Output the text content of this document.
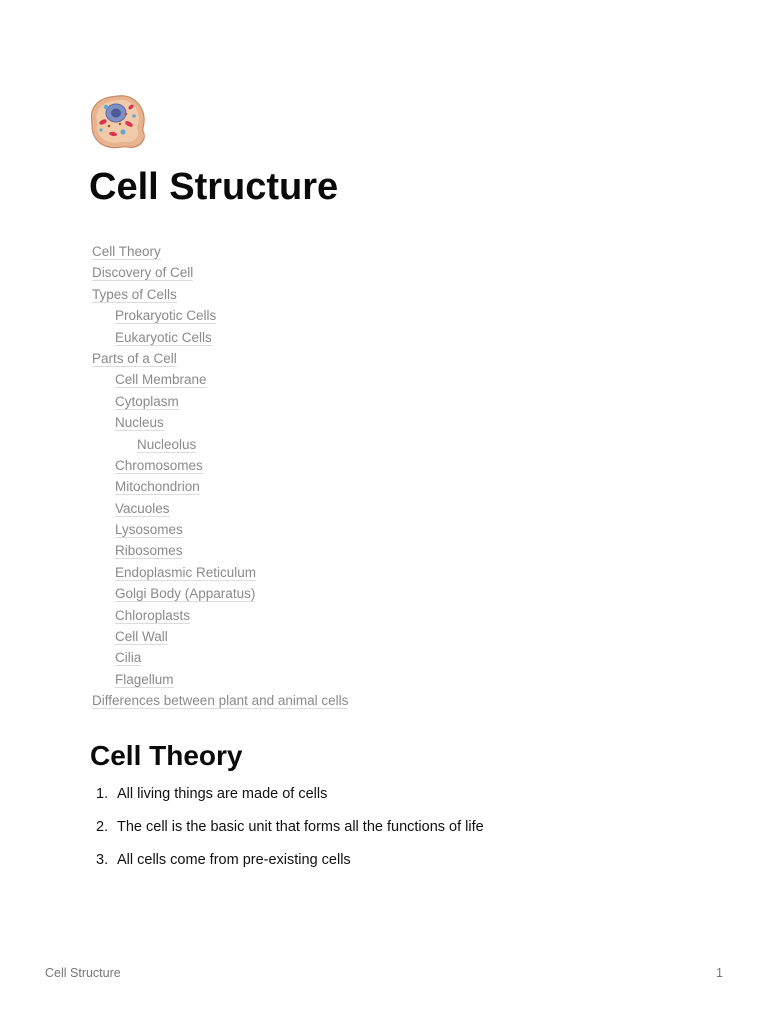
Cell Structure
Cell Theory
Discovery of Cell
Types of Cells
Prokaryotic Cells
Eukaryotic Cells
Parts of a Cell
Cell Membrane
Cytoplasm
Nucleus
Nucleolus
Chromosomes
Mitochondrion
Vacuoles
Lysosomes
Ribosomes
Endoplasmic Reticulum
Golgi Body (Apparatus)
Chloroplasts
Cell Wall
Cilia
Flagellum
Differences between plant and animal cells
Cell Theory
1. All living things are made of cells
2. The cell is the basic unit that forms all the functions of life
3. All cells come from pre-existing cells
Cell Structure	1
